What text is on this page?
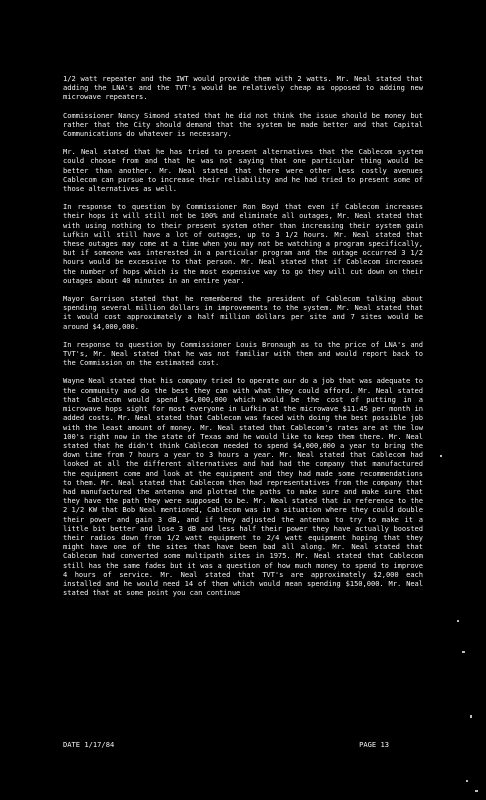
1/2 watt repeater and the IWT would provide them with 2 watts. Mr. Neal stated that adding the LNA's and the TVT's would be relatively cheap as opposed to adding new microwave repeaters.

Commissioner Nancy Simond stated that he did not think the issue should be money but rather that the City should demand that the system be made better and that Capital Communications do whatever is necessary.

Mr. Neal stated that he has tried to present alternatives that the Cablecom system could choose from and that he was not saying that one particular thing would be better than another. Mr. Neal stated that there were other less costly avenues Cablecom can pursue to increase their reliability and he had tried to present some of those alternatives as well.

In response to question by Commissioner Ron Boyd that even if Cablecom increases their hops it will still not be 100% and eliminate all outages, Mr. Neal stated that with using nothing to their present system other than increasing their system gain Lufkin will still have a lot of outages, up to 3 1/2 hours. Mr. Neal stated that these outages may come at a time when you may not be watching a program specifically, but if someone was interested in a particular program and the outage occurred 3 1/2 hours would be excessive to that person. Mr. Neal stated that if Cablecom increases the number of hops which is the most expensive way to go they will cut down on their outages about 40 minutes in an entire year.

Mayor Garrison stated that he remembered the president of Cablecom talking about spending several million dollars in improvements to the system. Mr. Neal stated that it would cost approximately a half million dollars per site and 7 sites would be around $4,000,000.

In response to question by Commissioner Louis Bronaugh as to the price of LNA's and TVT's, Mr. Neal stated that he was not familiar with them and would report back to the Commission on the estimated cost.

Wayne Neal stated that his company tried to operate our do a job that was adequate to the community and do the best they can with what they could afford. Mr. Neal stated that Cablecom would spend $4,000,000 which would be the cost of putting in a microwave hops sight for most everyone in Lufkin at the microwave $11.45 per month in added costs. Mr. Neal stated that Cablecom was faced with doing the best possible job with the least amount of money. Mr. Neal stated that Cablecom's rates are at the low 100's right now in the state of Texas and he would like to keep them there. Mr. Neal stated that he didn't think Cablecom needed to spend $4,000,000 a year to bring the down time from 7 hours a year to 3 hours a year. Mr. Neal stated that Cablecom had looked at all the different alternatives and had had the company that manufactured the equipment come and look at the equipment and they had made some recommendations to them. Mr. Neal stated that Cablecom then had representatives from the company that had manufactured the antenna and plotted the paths to make sure and make sure that they have the path they were supposed to be. Mr. Neal stated that in reference to the 2 1/2 KW that Bob Neal mentioned, Cablecom was in a situation where they could double their power and gain 3 dB, and if they adjusted the antenna to try to make it a little bit better and lose 3 dB and less half their power they have actually boosted their radios down from 1/2 watt equipment to 2/4 watt equipment hoping that they might have one of the sites that have been bad all along. Mr. Neal stated that Cablecom had converted some multipath sites in 1975. Mr. Neal stated that Cablecom still has the same fades but it was a question of how much money to spend to improve 4 hours of service. Mr. Neal stated that TVT's are approximately $2,000 each installed and he would need 14 of them which would mean spending $150,000. Mr. Neal stated that at some point you can continue

DATE 1/17/84	PAGE 13
